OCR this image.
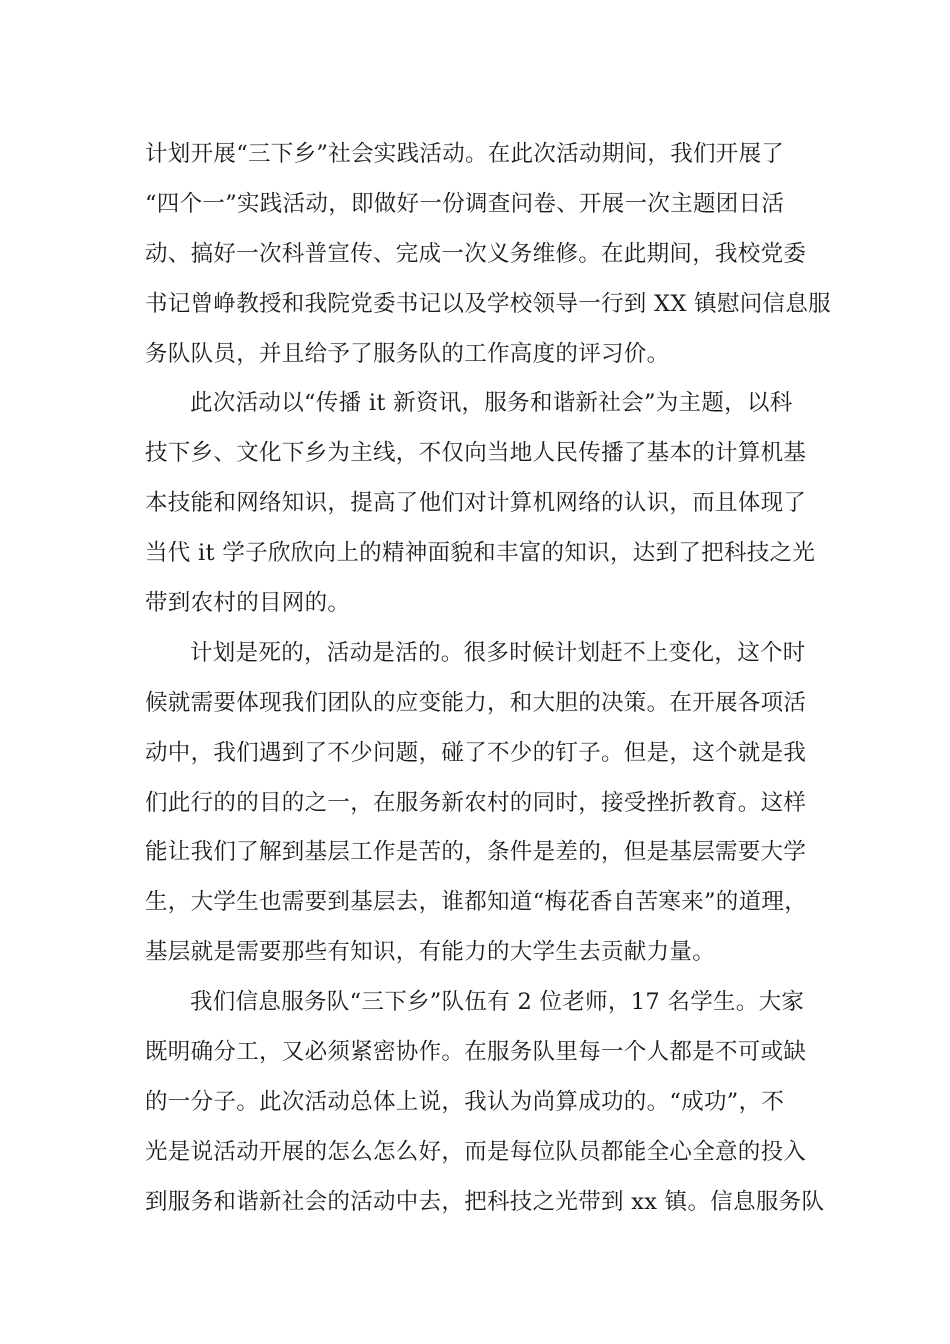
计划开展“三下乡”社会实践活动。在此次活动期间，我们开展了
“四个一”实践活动，即做好一份调查问卷、开展一次主题团日活
动、搞好一次科普宣传、完成一次义务维修。在此期间，我校党委
书记曾峥教授和我院党委书记以及学校领导一行到 XX 镇慰问信息服
务队队员，并且给予了服务队的工作高度的评习价。
此次活动以“传播 it 新资讯，服务和谐新社会”为主题，以科
技下乡、文化下乡为主线，不仅向当地人民传播了基本的计算机基
本技能和网络知识，提高了他们对计算机网络的认识，而且体现了
当代 it 学子欣欣向上的精神面貌和丰富的知识，达到了把科技之光
带到农村的目网的。
计划是死的，活动是活的。很多时候计划赶不上变化，这个时
候就需要体现我们团队的应变能力，和大胆的决策。在开展各项活
动中，我们遇到了不少问题，碰了不少的钉子。但是，这个就是我
们此行的的目的之一，在服务新农村的同时，接受挫折教育。这样
能让我们了解到基层工作是苦的，条件是差的，但是基层需要大学
生，大学生也需要到基层去，谁都知道“梅花香自苦寒来”的道理，
基层就是需要那些有知识，有能力的大学生去贡献力量。
我们信息服务队“三下乡”队伍有 2 位老师，17 名学生。大家
既明确分工，又必须紧密协作。在服务队里每一个人都是不可或缺
的一分子。此次活动总体上说，我认为尚算成功的。“成功”，不
光是说活动开展的怎么怎么好，而是每位队员都能全心全意的投入
到服务和谐新社会的活动中去，把科技之光带到 xx 镇。信息服务队
